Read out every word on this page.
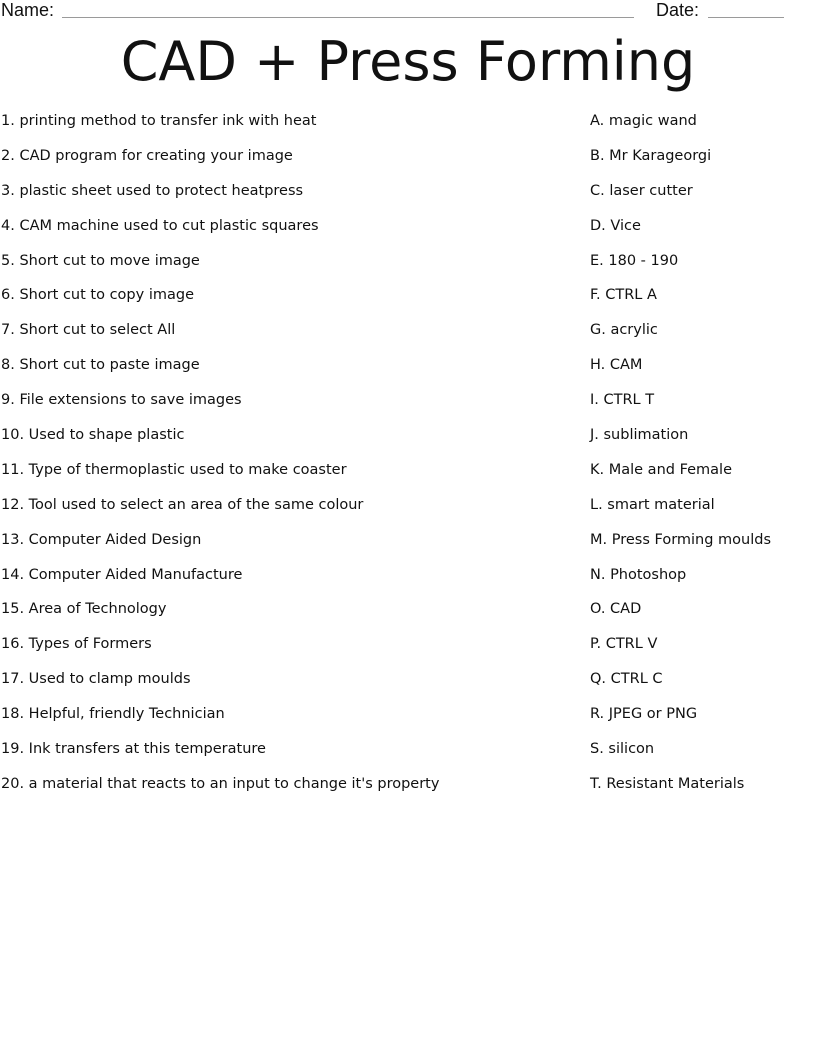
Name:	Date:
CAD + Press Forming
1. printing method to transfer ink with heat	A. magic wand
2. CAD program for creating your image	B. Mr Karageorgi
3. plastic sheet used to protect heatpress	C. laser cutter
4. CAM machine used to cut plastic squares	D. Vice
5. Short cut to move image	E. 180 - 190
6. Short cut to copy image	F. CTRL A
7. Short cut to select All	G. acrylic
8. Short cut to paste image	H. CAM
9. File extensions to save images	I. CTRL T
10. Used to shape plastic	J. sublimation
11. Type of thermoplastic used to make coaster	K. Male and Female
12. Tool used to select an area of the same colour	L. smart material
13. Computer Aided Design	M. Press Forming moulds
14. Computer Aided Manufacture	N. Photoshop
15. Area of Technology	O. CAD
16. Types of Formers	P. CTRL V
17. Used to clamp moulds	Q. CTRL C
18. Helpful, friendly Technician	R. JPEG or PNG
19. Ink transfers at this temperature	S. silicon
20. a material that reacts to an input to change it's property	T. Resistant Materials
